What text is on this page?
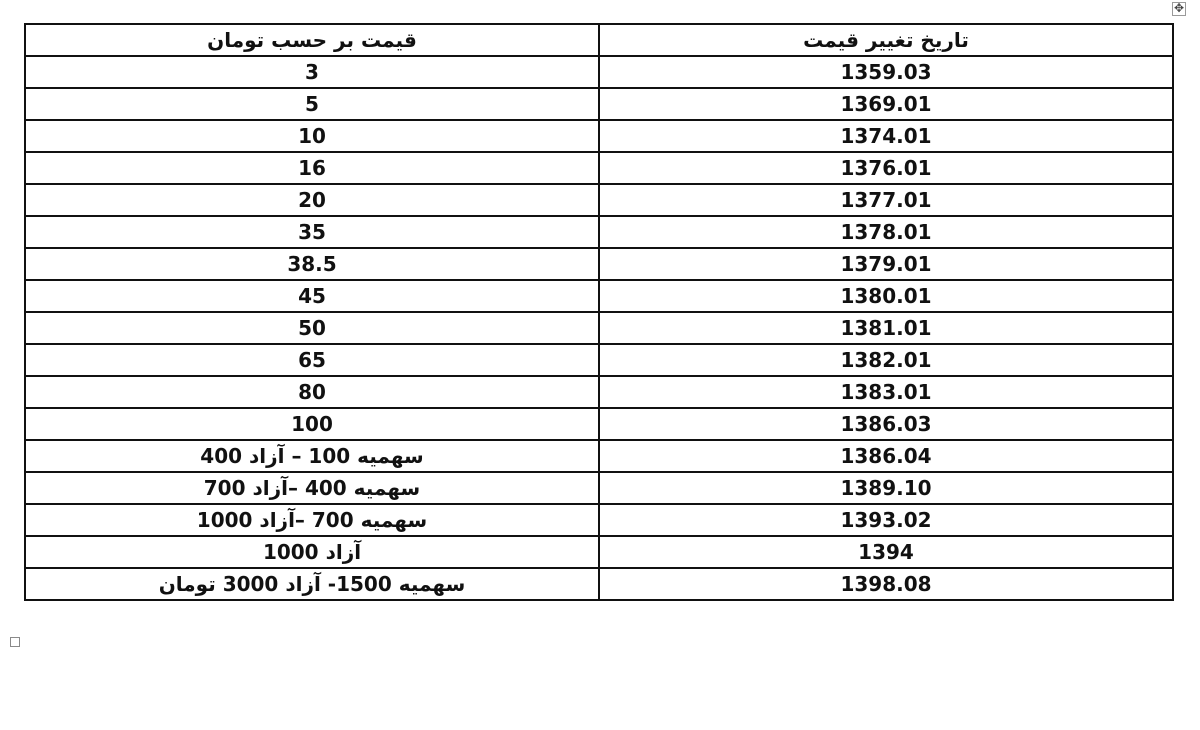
✥
قیمت بر حسب تومان	تاریخ تغییر قیمت
3	1359.03
5	1369.01
10	1374.01
16	1376.01
20	1377.01
35	1378.01
38.5	1379.01
45	1380.01
50	1381.01
65	1382.01
80	1383.01
100	1386.03
سهمیه 100 – آزاد 400	1386.04
سهمیه 400 –آزاد 700	1389.10
سهمیه 700 –آزاد 1000	1393.02
آزاد 1000	1394
سهمیه 1500- آزاد 3000 تومان	1398.08
